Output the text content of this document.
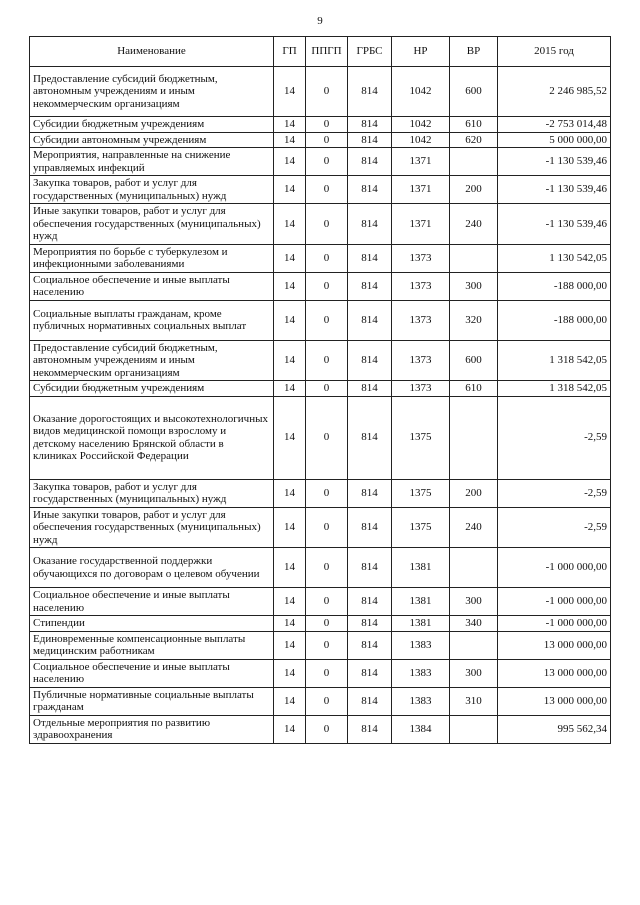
9
Наименование	ГП	ППГП	ГРБС	НР	ВР	2015 год
Предоставление субсидий бюджетным, автономным учреждениям и иным некоммерческим организациям	14	0	814	1042	600	2 246 985,52
Субсидии бюджетным учреждениям	14	0	814	1042	610	-2 753 014,48
Субсидии автономным учреждениям	14	0	814	1042	620	5 000 000,00
Мероприятия, направленные на снижение управляемых инфекций	14	0	814	1371		-1 130 539,46
Закупка товаров, работ и услуг для государственных (муниципальных) нужд	14	0	814	1371	200	-1 130 539,46
Иные закупки товаров, работ и услуг для обеспечения государственных (муниципальных) нужд	14	0	814	1371	240	-1 130 539,46
Мероприятия по борьбе с туберкулезом и инфекционными заболеваниями	14	0	814	1373		1 130 542,05
Социальное обеспечение и иные выплаты населению	14	0	814	1373	300	-188 000,00
Социальные выплаты гражданам, кроме публичных нормативных социальных выплат	14	0	814	1373	320	-188 000,00
Предоставление субсидий бюджетным, автономным учреждениям и иным некоммерческим организациям	14	0	814	1373	600	1 318 542,05
Субсидии бюджетным учреждениям	14	0	814	1373	610	1 318 542,05
Оказание дорогостоящих и высокотехнологичных видов медицинской помощи взрослому и детскому населению Брянской области в клиниках Российской Федерации	14	0	814	1375		-2,59
Закупка товаров, работ и услуг для государственных (муниципальных) нужд	14	0	814	1375	200	-2,59
Иные закупки товаров, работ и услуг для обеспечения государственных (муниципальных) нужд	14	0	814	1375	240	-2,59
Оказание государственной поддержки обучающихся по договорам о целевом обучении	14	0	814	1381		-1 000 000,00
Социальное обеспечение и иные выплаты населению	14	0	814	1381	300	-1 000 000,00
Стипендии	14	0	814	1381	340	-1 000 000,00
Единовременные компенсационные выплаты медицинским работникам	14	0	814	1383		13 000 000,00
Социальное обеспечение и иные выплаты населению	14	0	814	1383	300	13 000 000,00
Публичные нормативные социальные выплаты гражданам	14	0	814	1383	310	13 000 000,00
Отдельные мероприятия по развитию здравоохранения	14	0	814	1384		995 562,34
